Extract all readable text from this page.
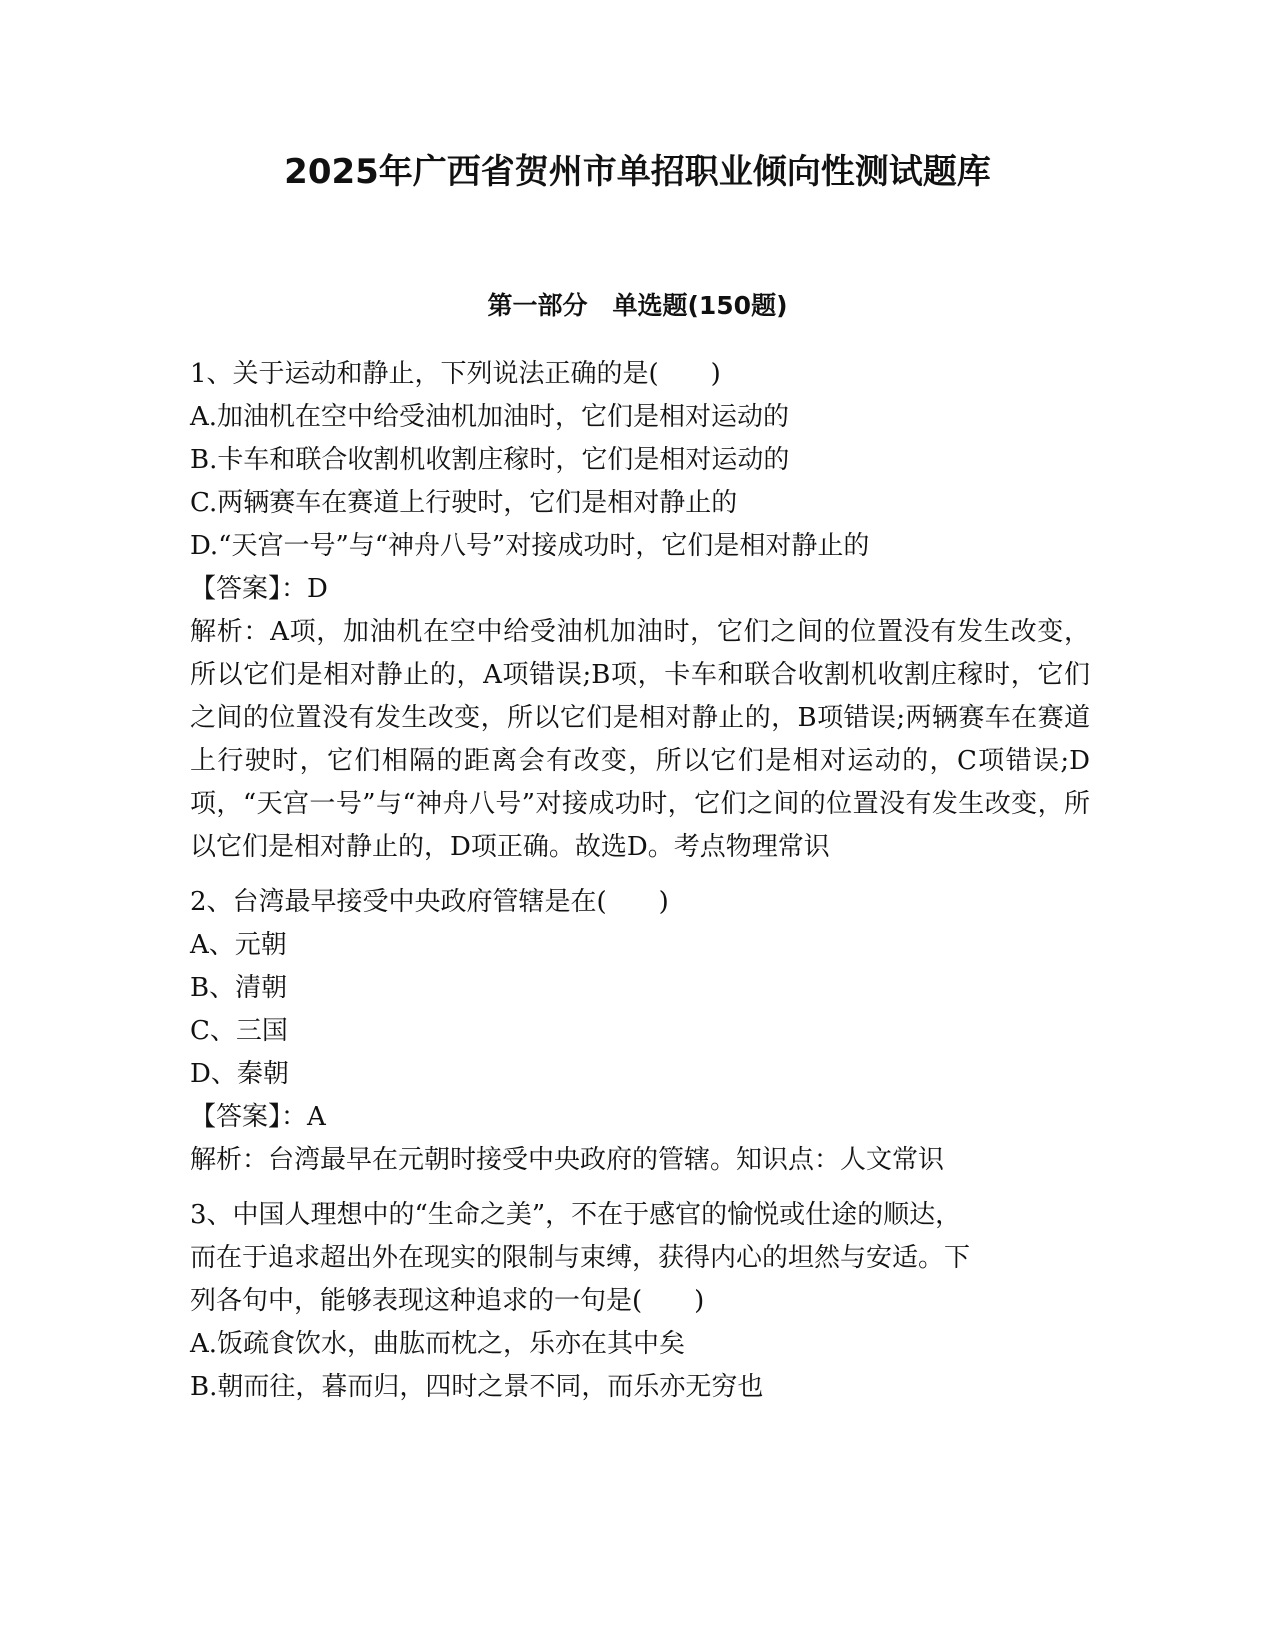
2025年广西省贺州市单招职业倾向性测试题库
第一部分　单选题(150题)
1、关于运动和静止，下列说法正确的是(　　)
A.加油机在空中给受油机加油时，它们是相对运动的
B.卡车和联合收割机收割庄稼时，它们是相对运动的
C.两辆赛车在赛道上行驶时，它们是相对静止的
D.“天宫一号”与“神舟八号”对接成功时，它们是相对静止的
【答案】：D
解析：A项，加油机在空中给受油机加油时，它们之间的位置没有发生改变，所以它们是相对静止的，A项错误;B项，卡车和联合收割机收割庄稼时，它们之间的位置没有发生改变，所以它们是相对静止的，B项错误;两辆赛车在赛道上行驶时，它们相隔的距离会有改变，所以它们是相对运动的，C项错误;D项，“天宫一号”与“神舟八号”对接成功时，它们之间的位置没有发生改变，所以它们是相对静止的，D项正确。故选D。考点物理常识
2、台湾最早接受中央政府管辖是在(　　)
A、元朝
B、清朝
C、三国
D、秦朝
【答案】：A
解析：台湾最早在元朝时接受中央政府的管辖。知识点：人文常识
3、中国人理想中的“生命之美”，不在于感官的愉悦或仕途的顺达，
而在于追求超出外在现实的限制与束缚，获得内心的坦然与安适。下
列各句中，能够表现这种追求的一句是(　　)
A.饭疏食饮水，曲肱而枕之，乐亦在其中矣
B.朝而往，暮而归，四时之景不同，而乐亦无穷也
